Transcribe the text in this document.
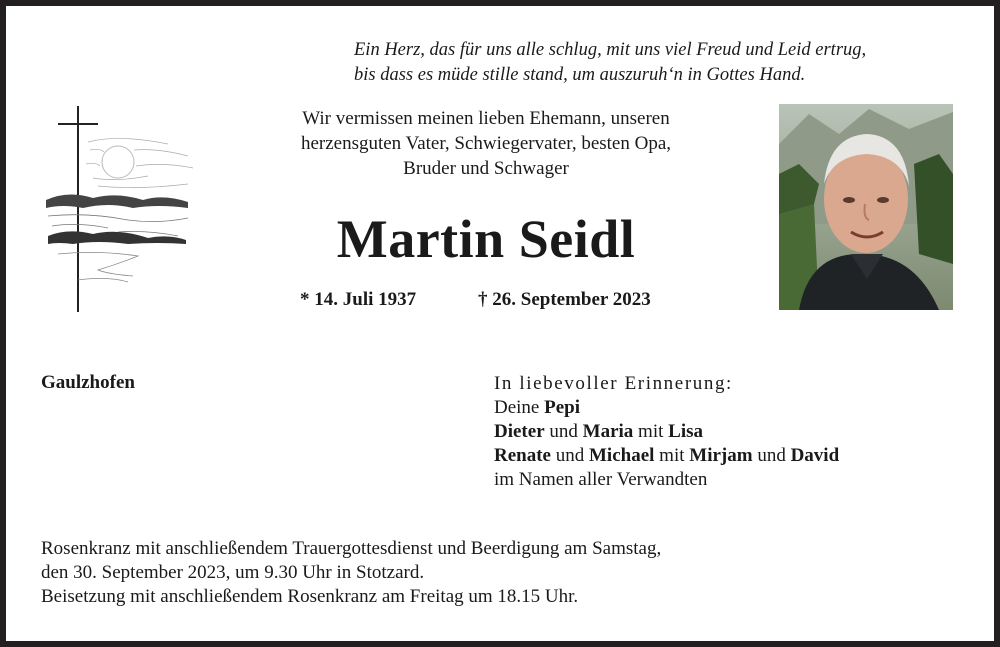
Ein Herz, das für uns alle schlug, mit uns viel Freud und Leid ertrug,
bis dass es müde stille stand, um auszuruh‘n in Gottes Hand.
Wir vermissen meinen lieben Ehemann, unseren
herzensguten Vater, Schwiegervater, besten Opa,
Bruder und Schwager
Martin Seidl
* 14. Juli 1937	† 26. September 2023
Gaulzhofen	In liebevoller Erinnerung:
Deine Pepi
Dieter und Maria mit Lisa
Renate und Michael mit Mirjam und David
im Namen aller Verwandten
Rosenkranz mit anschließendem Trauergottesdienst und Beerdigung am Samstag,
den 30. September 2023, um 9.30 Uhr in Stotzard.
Beisetzung mit anschließendem Rosenkranz am Freitag um 18.15 Uhr.
